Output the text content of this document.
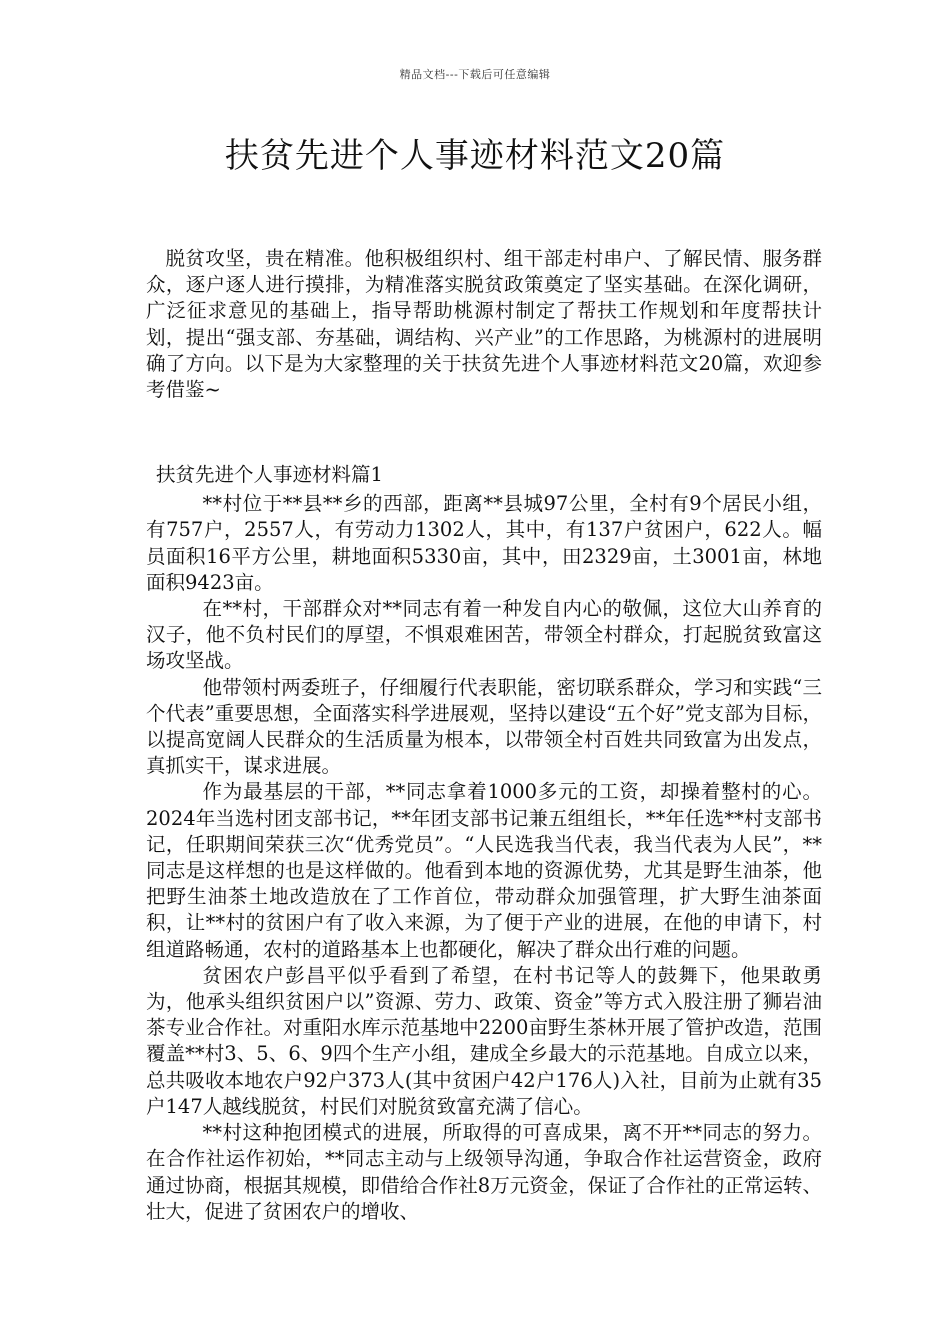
精品文档---下载后可任意编辑
扶贫先进个人事迹材料范文20篇

脱贫攻坚，贵在精准。他积极组织村、组干部走村串户、了解民情、服务群众，逐户逐人进行摸排，为精准落实脱贫政策奠定了坚实基础。在深化调研，广泛征求意见的基础上，指导帮助桃源村制定了帮扶工作规划和年度帮扶计划，提出“强支部、夯基础，调结构、兴产业”的工作思路，为桃源村的进展明确了方向。以下是为大家整理的关于扶贫先进个人事迹材料范文20篇，欢迎参考借鉴~

扶贫先进个人事迹材料篇1

**村位于**县**乡的西部，距离**县城97公里，全村有9个居民小组，有757户，2557人，有劳动力1302人，其中，有137户贫困户，622人。幅员面积16平方公里，耕地面积5330亩，其中，田2329亩，土3001亩，林地面积9423亩。

在**村，干部群众对**同志有着一种发自内心的敬佩，这位大山养育的汉子，他不负村民们的厚望，不惧艰难困苦，带领全村群众，打起脱贫致富这场攻坚战。

他带领村两委班子，仔细履行代表职能，密切联系群众，学习和实践“三个代表”重要思想，全面落实科学进展观，坚持以建设“五个好”党支部为目标，以提高宽阔人民群众的生活质量为根本，以带领全村百姓共同致富为出发点，真抓实干，谋求进展。

作为最基层的干部，**同志拿着1000多元的工资，却操着整村的心。2024年当选村团支部书记，**年团支部书记兼五组组长，**年任选**村支部书记，任职期间荣获三次“优秀党员”。“人民选我当代表，我当代表为人民”，**同志是这样想的也是这样做的。他看到本地的资源优势，尤其是野生油茶，他把野生油茶土地改造放在了工作首位，带动群众加强管理，扩大野生油茶面积，让**村的贫困户有了收入来源，为了便于产业的进展，在他的申请下，村组道路畅通，农村的道路基本上也都硬化，解决了群众出行难的问题。

贫困农户彭昌平似乎看到了希望，在村书记等人的鼓舞下，他果敢勇为，他承头组织贫困户以”资源、劳力、政策、资金”等方式入股注册了狮岩油茶专业合作社。对重阳水库示范基地中2200亩野生茶林开展了管护改造，范围覆盖**村3、5、6、9四个生产小组，建成全乡最大的示范基地。自成立以来，总共吸收本地农户92户373人(其中贫困户42户176人)入社，目前为止就有35户147人越线脱贫，村民们对脱贫致富充满了信心。

**村这种抱团模式的进展，所取得的可喜成果，离不开**同志的努力。在合作社运作初始，**同志主动与上级领导沟通，争取合作社运营资金，政府通过协商，根据其规模，即借给合作社8万元资金，保证了合作社的正常运转、壮大，促进了贫困农户的增收、
